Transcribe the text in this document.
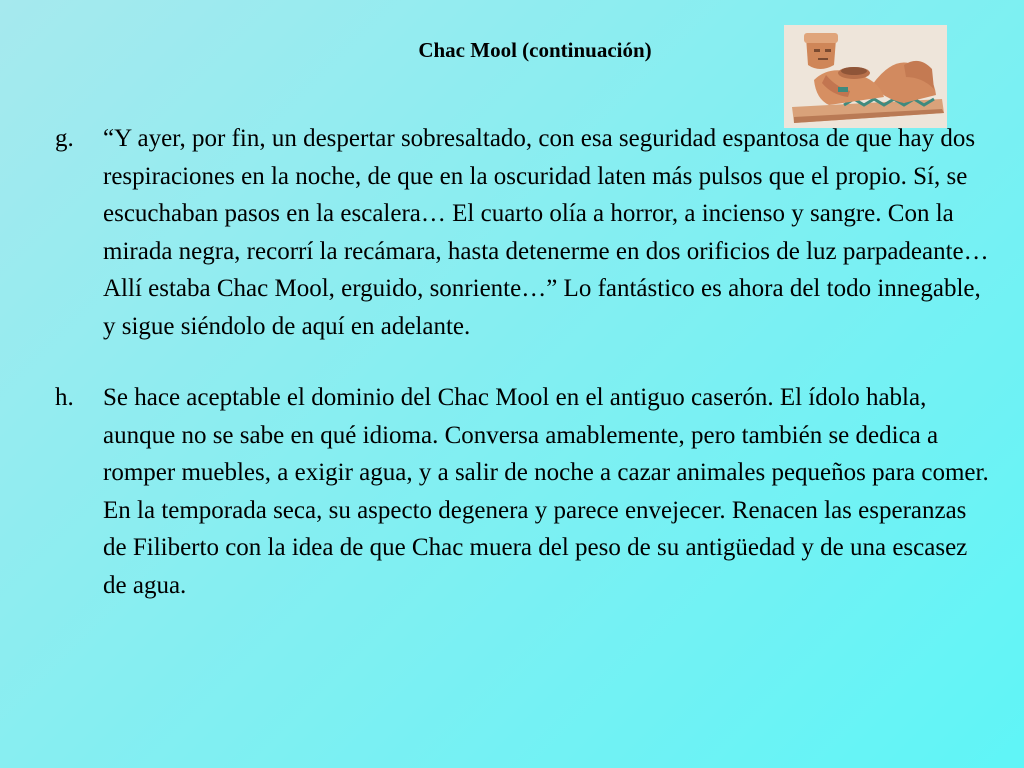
Chac Mool (continuación)
g. “Y ayer, por fin, un despertar sobresaltado, con esa seguridad espantosa de que hay dos respiraciones en la noche, de que en la oscuridad laten más pulsos que el propio. Sí, se escuchaban pasos en la escalera… El cuarto olía a horror, a incienso y sangre. Con la mirada negra, recorrí la recámara, hasta detenerme en dos orificios de luz parpadeante… Allí estaba Chac Mool, erguido, sonriente…” Lo fantástico es ahora del todo innegable, y sigue siéndolo de aquí en adelante.
h. Se hace aceptable el dominio del Chac Mool en el antiguo caserón. El ídolo habla, aunque no se sabe en qué idioma. Conversa amablemente, pero también se dedica a romper muebles, a exigir agua, y a salir de noche a cazar animales pequeños para comer. En la temporada seca, su aspecto degenera y parece envejecer. Renacen las esperanzas de Filiberto con la idea de que Chac muera del peso de su antigüedad y de una escasez de agua.
